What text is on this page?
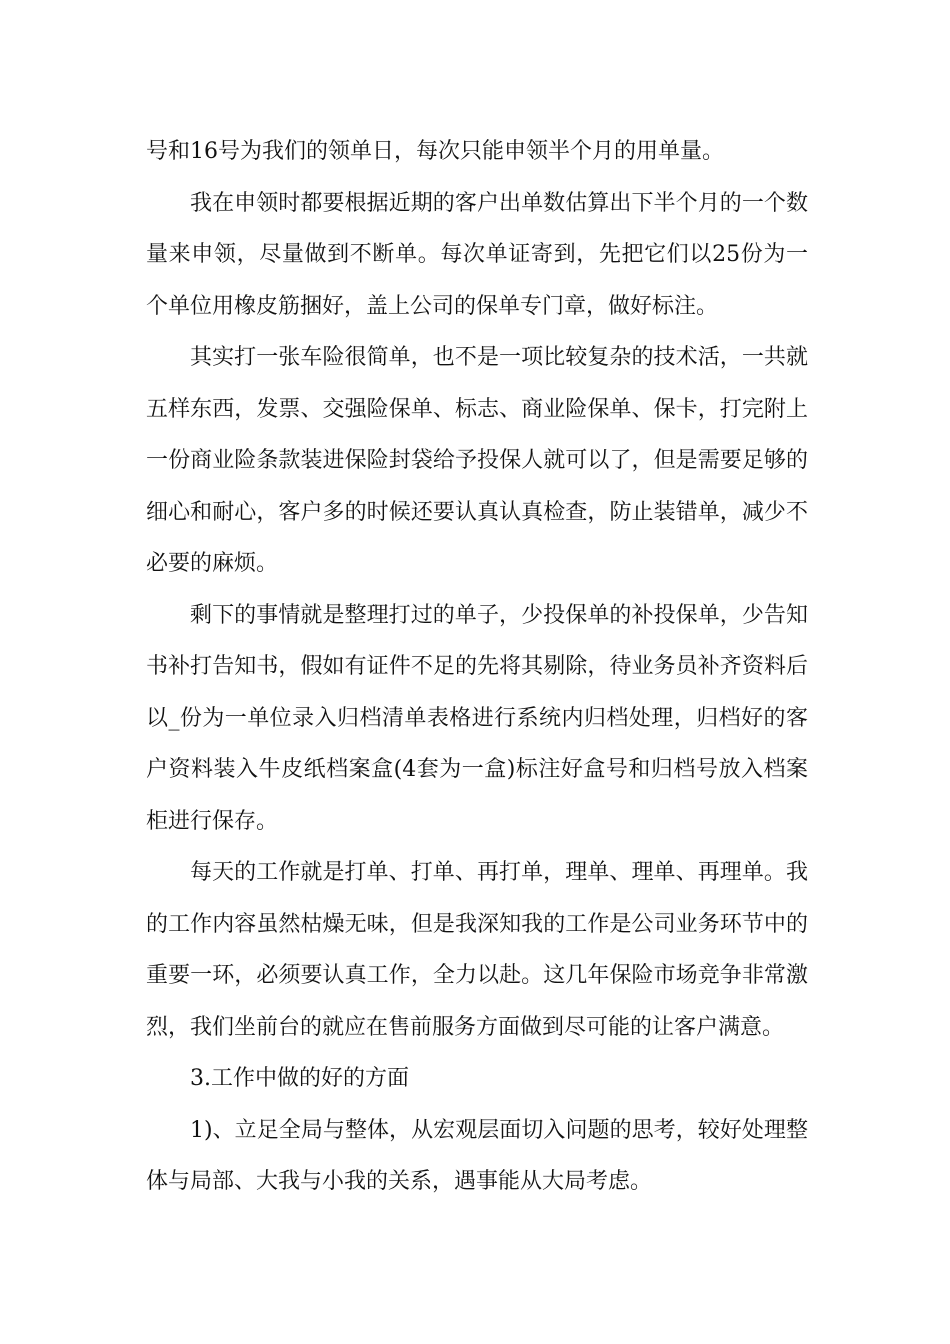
号和16号为我们的领单日，每次只能申领半个月的用单量。

我在申领时都要根据近期的客户出单数估算出下半个月的一个数量来申领，尽量做到不断单。每次单证寄到，先把它们以25份为一个单位用橡皮筋捆好，盖上公司的保单专门章，做好标注。

其实打一张车险很简单，也不是一项比较复杂的技术活，一共就五样东西，发票、交强险保单、标志、商业险保单、保卡，打完附上一份商业险条款装进保险封袋给予投保人就可以了，但是需要足够的细心和耐心，客户多的时候还要认真认真检查，防止装错单，减少不必要的麻烦。

剩下的事情就是整理打过的单子，少投保单的补投保单，少告知书补打告知书，假如有证件不足的先将其剔除，待业务员补齐资料后以_份为一单位录入归档清单表格进行系统内归档处理，归档好的客户资料装入牛皮纸档案盒(4套为一盒)标注好盒号和归档号放入档案柜进行保存。

每天的工作就是打单、打单、再打单，理单、理单、再理单。我的工作内容虽然枯燥无味，但是我深知我的工作是公司业务环节中的重要一环，必须要认真工作，全力以赴。这几年保险市场竞争非常激烈，我们坐前台的就应在售前服务方面做到尽可能的让客户满意。

3.工作中做的好的方面

1)、立足全局与整体，从宏观层面切入问题的思考，较好处理整体与局部、大我与小我的关系，遇事能从大局考虑。
